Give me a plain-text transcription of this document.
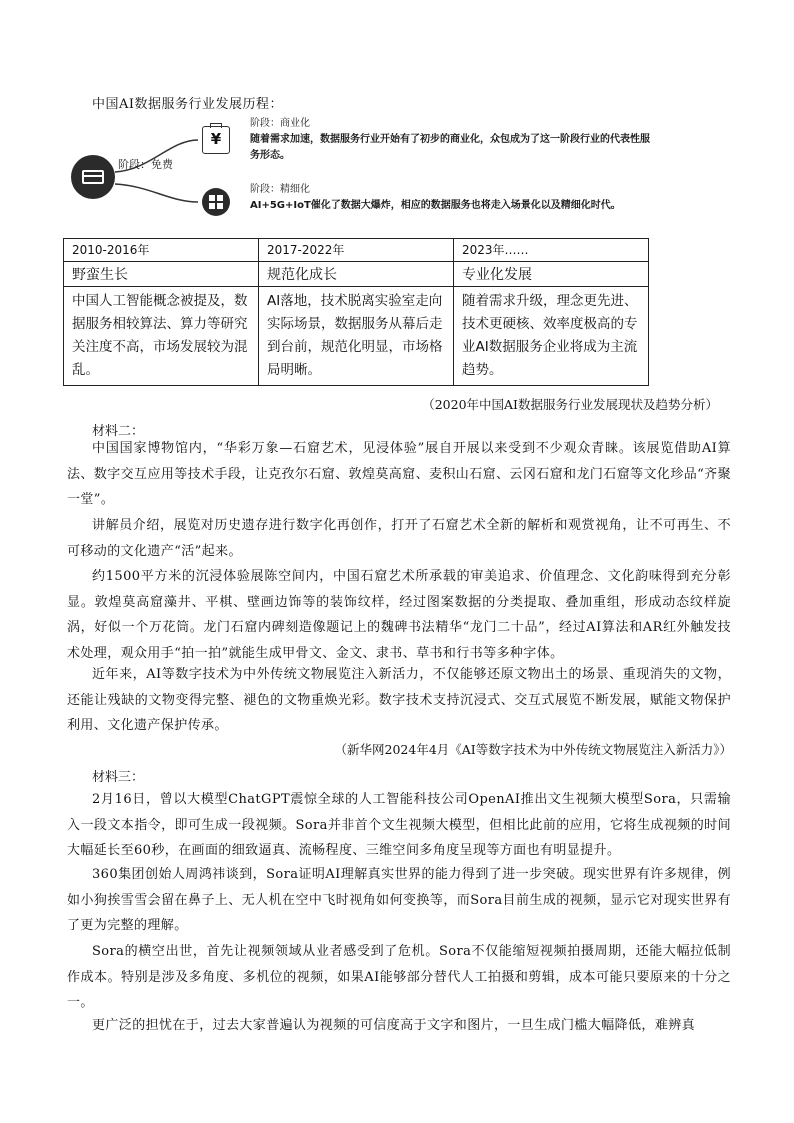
中国AI数据服务行业发展历程：
阶段：免费
¥
阶段：商业化
随着需求加速，数据服务行业开始有了初步的商业化，众包成为了这一阶段行业的代表性服务形态。
阶段：精细化
AI+5G+IoT催化了数据大爆炸，相应的数据服务也将走入场景化以及精细化时代。
2010-2016年	2017-2022年	2023年……
野蛮生长	规范化成长	专业化发展
中国人工智能概念被提及，数据服务相较算法、算力等研究关注度不高，市场发展较为混乱。	AI落地，技术脱离实验室走向实际场景，数据服务从幕后走到台前，规范化明显，市场格局明晰。	随着需求升级，理念更先进、技术更硬核、效率度极高的专业AI数据服务企业将成为主流趋势。
（2020年中国AI数据服务行业发展现状及趋势分析）
材料二：
中国国家博物馆内，“华彩万象—石窟艺术，见浸体验”展自开展以来受到不少观众青睐。该展览借助AI算法、数字交互应用等技术手段，让克孜尔石窟、敦煌莫高窟、麦积山石窟、云冈石窟和龙门石窟等文化珍品“齐聚一堂”。
讲解员介绍，展览对历史遗存进行数字化再创作，打开了石窟艺术全新的解析和观赏视角，让不可再生、不可移动的文化遗产“活”起来。
约1500平方米的沉浸体验展陈空间内，中国石窟艺术所承载的审美追求、价值理念、文化韵味得到充分彰显。敦煌莫高窟藻井、平棋、壁画边饰等的装饰纹样，经过图案数据的分类提取、叠加重组，形成动态纹样旋涡，好似一个万花筒。龙门石窟内碑刻造像题记上的魏碑书法精华“龙门二十品”，经过AI算法和AR红外触发技术处理，观众用手“拍一拍”就能生成甲骨文、金文、隶书、草书和行书等多种字体。
近年来，AI等数字技术为中外传统文物展览注入新活力，不仅能够还原文物出土的场景、重现消失的文物，还能让残缺的文物变得完整、褪色的文物重焕光彩。数字技术支持沉浸式、交互式展览不断发展，赋能文物保护利用、文化遗产保护传承。
（新华网2024年4月《AI等数字技术为中外传统文物展览注入新活力》）
材料三：
2月16日，曾以大模型ChatGPT震惊全球的人工智能科技公司OpenAI推出文生视频大模型Sora，只需输入一段文本指令，即可生成一段视频。Sora并非首个文生视频大模型，但相比此前的应用，它将生成视频的时间大幅延长至60秒，在画面的细致逼真、流畅程度、三维空间多角度呈现等方面也有明显提升。
360集团创始人周鸿祎谈到，Sora证明AI理解真实世界的能力得到了进一步突破。现实世界有许多规律，例如小狗挨雪雪会留在鼻子上、无人机在空中飞时视角如何变换等，而Sora目前生成的视频，显示它对现实世界有了更为完整的理解。
Sora的横空出世，首先让视频领域从业者感受到了危机。Sora不仅能缩短视频拍摄周期，还能大幅拉低制作成本。特别是涉及多角度、多机位的视频，如果AI能够部分替代人工拍摄和剪辑，成本可能只要原来的十分之一。
更广泛的担忧在于，过去大家普遍认为视频的可信度高于文字和图片，一旦生成门槛大幅降低，难辨真
